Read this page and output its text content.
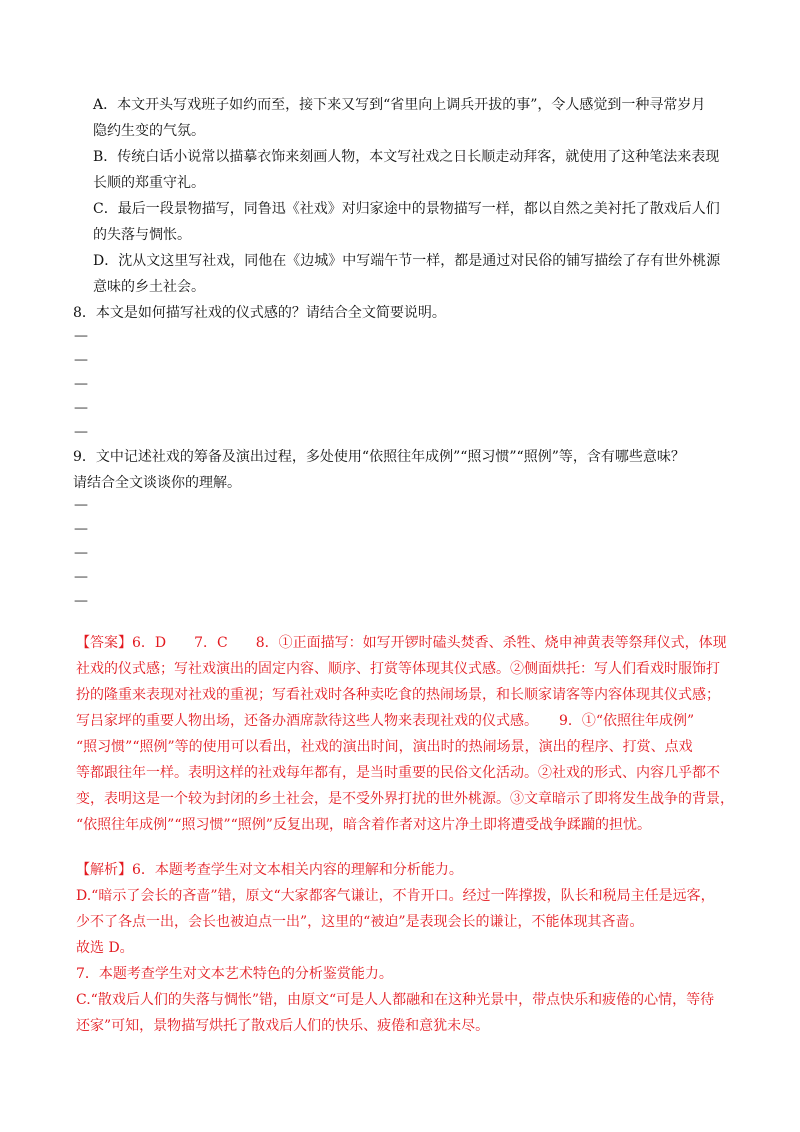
A．本文开头写戏班子如约而至，接下来又写到“省里向上调兵开拔的事”，令人感觉到一种寻常岁月
隐约生变的气氛。
B．传统白话小说常以描摹衣饰来刻画人物，本文写社戏之日长顺走动拜客，就使用了这种笔法来表现
长顺的郑重守礼。
C．最后一段景物描写，同鲁迅《社戏》对归家途中的景物描写一样，都以自然之美衬托了散戏后人们
的失落与惆怅。
D．沈从文这里写社戏，同他在《边城》中写端午节一样，都是通过对民俗的铺写描绘了存有世外桃源
意味的乡土社会。
8．本文是如何描写社戏的仪式感的？请结合全文简要说明。
—
—
—
—
—
9．文中记述社戏的筹备及演出过程，多处使用“依照往年成例”“照习惯”“照例”等，含有哪些意味？
请结合全文谈谈你的理解。
—
—
—
—
—
【答案】6．D　　7．C　　8．①正面描写：如写开锣时磕头焚香、杀牲、烧申神黄表等祭拜仪式，体现
社戏的仪式感；写社戏演出的固定内容、顺序、打赏等体现其仪式感。②侧面烘托：写人们看戏时服饰打
扮的隆重来表现对社戏的重视；写看社戏时各种卖吃食的热闹场景，和长顺家请客等内容体现其仪式感；
写吕家坪的重要人物出场，还备办酒席款待这些人物来表现社戏的仪式感。　　9．①“依照往年成例”
“照习惯”“照例”等的使用可以看出，社戏的演出时间，演出时的热闹场景，演出的程序、打赏、点戏
等都跟往年一样。表明这样的社戏每年都有，是当时重要的民俗文化活动。②社戏的形式、内容几乎都不
变，表明这是一个较为封闭的乡土社会，是不受外界打扰的世外桃源。③文章暗示了即将发生战争的背景，
“依照往年成例”“照习惯”“照例”反复出现，暗含着作者对这片净土即将遭受战争蹂躏的担忧。
【解析】6．本题考查学生对文本相关内容的理解和分析能力。
D.“暗示了会长的吝啬”错，原文“大家都客气谦让，不肯开口。经过一阵撑拨，队长和税局主任是远客，
少不了各点一出，会长也被迫点一出”，这里的“被迫”是表现会长的谦让，不能体现其吝啬。
故选 D。
7．本题考查学生对文本艺术特色的分析鉴赏能力。
C.“散戏后人们的失落与惆怅”错，由原文“可是人人都融和在这种光景中，带点快乐和疲倦的心情，等待
还家”可知，景物描写烘托了散戏后人们的快乐、疲倦和意犹未尽。
